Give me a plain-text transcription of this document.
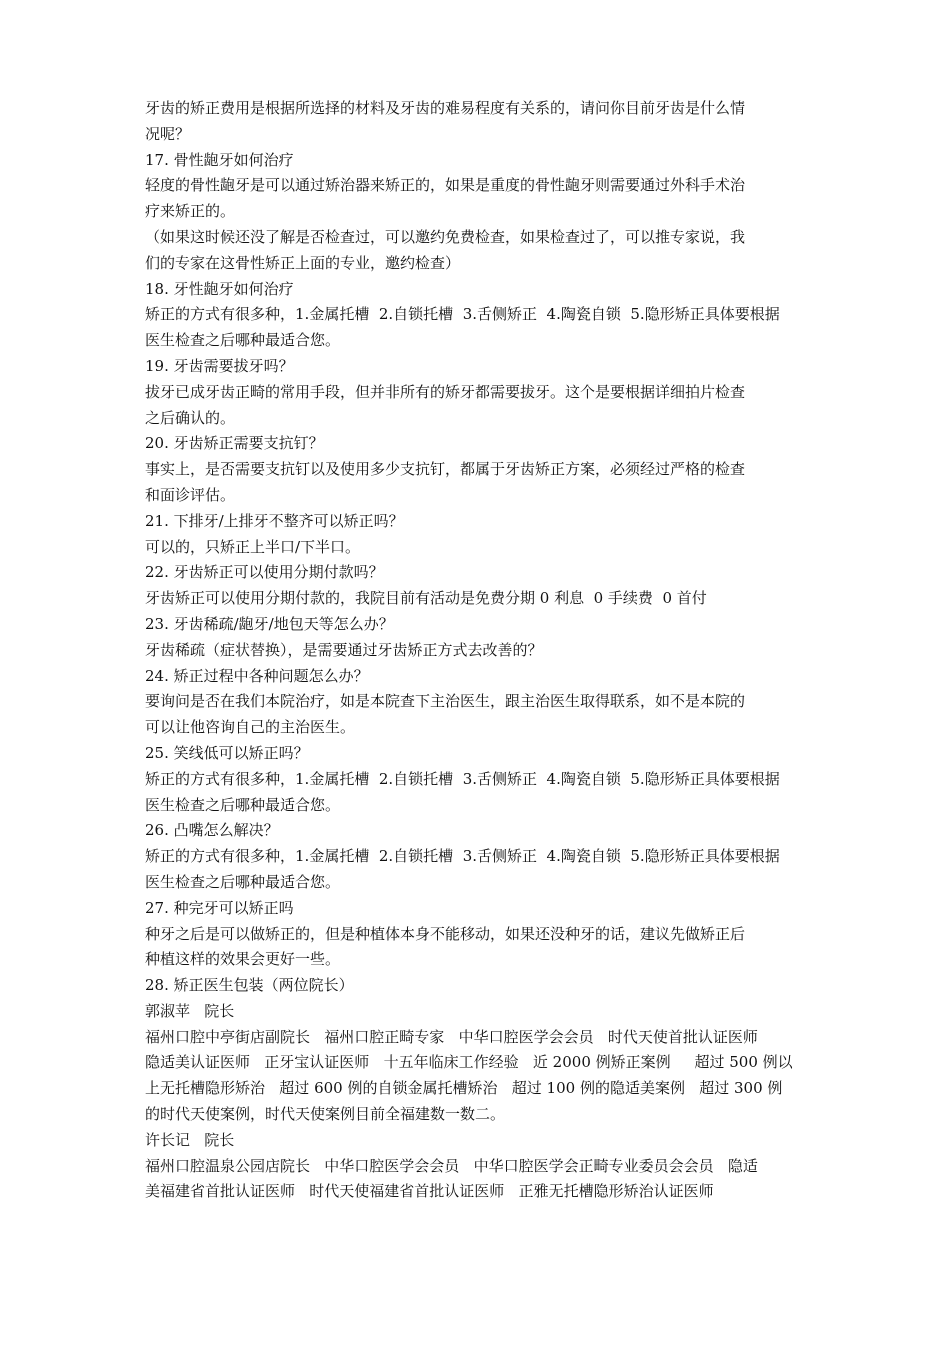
牙齿的矫正费用是根据所选择的材料及牙齿的难易程度有关系的，请问你目前牙齿是什么情
况呢？
17. 骨性龅牙如何治疗
轻度的骨性龅牙是可以通过矫治器来矫正的，如果是重度的骨性龅牙则需要通过外科手术治
疗来矫正的。
（如果这时候还没了解是否检查过，可以邀约免费检查，如果检查过了，可以推专家说，我
们的专家在这骨性矫正上面的专业，邀约检查）
18. 牙性龅牙如何治疗
矫正的方式有很多种，1.金属托槽  2.自锁托槽  3.舌侧矫正  4.陶瓷自锁  5.隐形矫正具体要根据
医生检查之后哪种最适合您。
19. 牙齿需要拔牙吗？
拔牙已成牙齿正畸的常用手段，但并非所有的矫牙都需要拔牙。这个是要根据详细拍片检查
之后确认的。
20. 牙齿矫正需要支抗钉？
事实上，是否需要支抗钉以及使用多少支抗钉，都属于牙齿矫正方案，必须经过严格的检查
和面诊评估。
21. 下排牙/上排牙不整齐可以矫正吗？
可以的，只矫正上半口/下半口。
22. 牙齿矫正可以使用分期付款吗？
牙齿矫正可以使用分期付款的，我院目前有活动是免费分期 0 利息  0 手续费  0 首付
23. 牙齿稀疏/龅牙/地包天等怎么办？
牙齿稀疏（症状替换），是需要通过牙齿矫正方式去改善的？
24. 矫正过程中各种问题怎么办？
要询问是否在我们本院治疗，如是本院查下主治医生，跟主治医生取得联系，如不是本院的
可以让他咨询自己的主治医生。
25. 笑线低可以矫正吗？
矫正的方式有很多种，1.金属托槽  2.自锁托槽  3.舌侧矫正  4.陶瓷自锁  5.隐形矫正具体要根据
医生检查之后哪种最适合您。
26. 凸嘴怎么解决？
矫正的方式有很多种，1.金属托槽  2.自锁托槽  3.舌侧矫正  4.陶瓷自锁  5.隐形矫正具体要根据
医生检查之后哪种最适合您。
27. 种完牙可以矫正吗
种牙之后是可以做矫正的，但是种植体本身不能移动，如果还没种牙的话，建议先做矫正后
种植这样的效果会更好一些。
28. 矫正医生包装（两位院长）
郭淑苹   院长
福州口腔中亭街店副院长   福州口腔正畸专家   中华口腔医学会会员   时代天使首批认证医师
隐适美认证医师   正牙宝认证医师   十五年临床工作经验   近 2000 例矫正案例     超过 500 例以
上无托槽隐形矫治   超过 600 例的自锁金属托槽矫治   超过 100 例的隐适美案例   超过 300 例
的时代天使案例，时代天使案例目前全福建数一数二。
许长记   院长
福州口腔温泉公园店院长   中华口腔医学会会员   中华口腔医学会正畸专业委员会会员   隐适
美福建省首批认证医师   时代天使福建省首批认证医师   正雅无托槽隐形矫治认证医师
